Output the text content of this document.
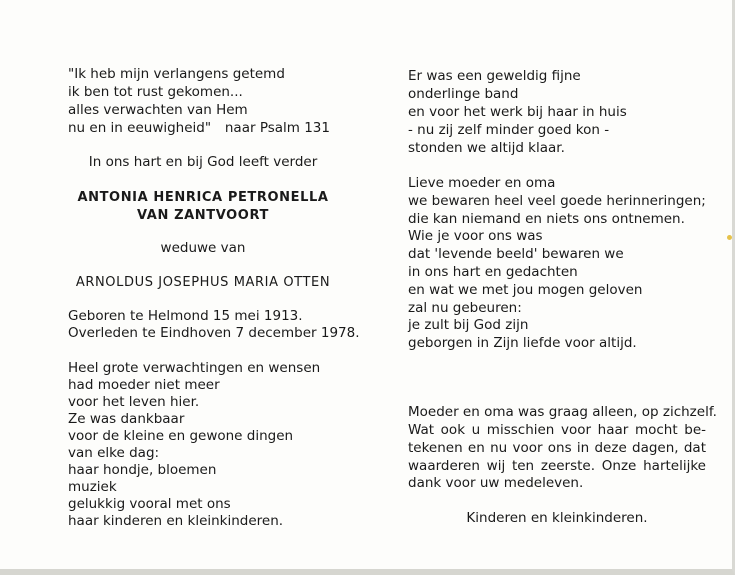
"Ik heb mijn verlangens getemd
ik ben tot rust gekomen...
alles verwachten van Hem
nu en in eeuwigheid" naar Psalm 131
In ons hart en bij God leeft verder
ANTONIA HENRICA PETRONELLA
VAN ZANTVOORT
weduwe van
ARNOLDUS JOSEPHUS MARIA OTTEN
Geboren te Helmond 15 mei 1913.
Overleden te Eindhoven 7 december 1978.
Heel grote verwachtingen en wensen
had moeder niet meer
voor het leven hier.
Ze was dankbaar
voor de kleine en gewone dingen
van elke dag:
haar hondje, bloemen
muziek
gelukkig vooral met ons
haar kinderen en kleinkinderen.
Er was een geweldig fijne
onderlinge band
en voor het werk bij haar in huis
- nu zij zelf minder goed kon -
stonden we altijd klaar.
Lieve moeder en oma
we bewaren heel veel goede herinneringen;
die kan niemand en niets ons ontnemen.
Wie je voor ons was
dat 'levende beeld' bewaren we
in ons hart en gedachten
en wat we met jou mogen geloven
zal nu gebeuren:
je zult bij God zijn
geborgen in Zijn liefde voor altijd.
Moeder en oma was graag alleen, op zichzelf.
Wat ook u misschien voor haar mocht be-
tekenen en nu voor ons in deze dagen, dat
waarderen wij ten zeerste. Onze hartelijke
dank voor uw medeleven.
Kinderen en kleinkinderen.
